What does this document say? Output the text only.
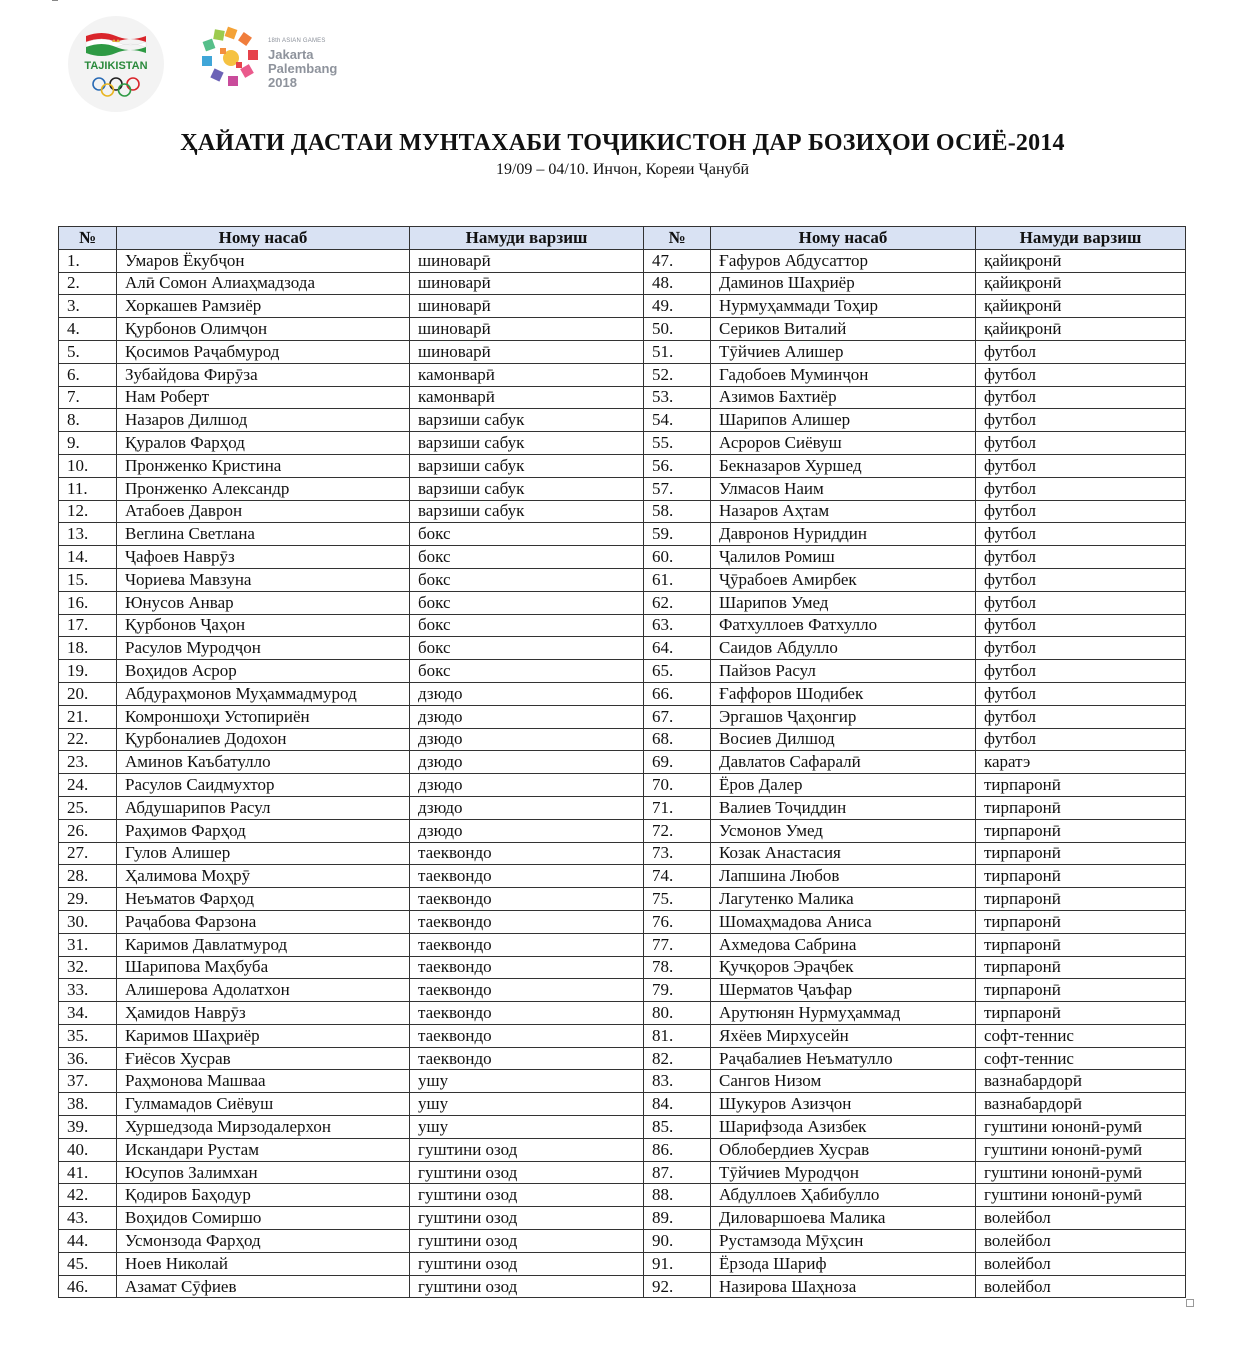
TAJIKISTAN
18th ASIAN GAMES
Jakarta
Palembang
2018
ҲАЙАТИ ДАСТАИ МУНТАХАБИ ТОҶИКИСТОН ДАР БОЗИҲОИ ОСИЁ-2014
19/09 – 04/10. Инчон, Кореяи Ҷанубӣ
№	Ному насаб	Намуди варзиш	№	Ному насаб	Намуди варзиш
1.	Умаров Ёкубҷон	шиноварӣ	47.	Ғафуров Абдусаттор	қайиқронӣ
2.	Алӣ Сомон Алиаҳмадзода	шиноварӣ	48.	Даминов Шаҳриёр	қайиқронӣ
3.	Хоркашев Рамзиёр	шиноварӣ	49.	Нурмуҳаммади Тоҳир	қайиқронӣ
4.	Қурбонов Олимҷон	шиноварӣ	50.	Сериков Виталий	қайиқронӣ
5.	Қосимов Раҷабмурод	шиноварӣ	51.	Тӯйчиев Алишер	футбол
6.	Зубайдова Фирӯза	камонварӣ	52.	Гадобоев Муминҷон	футбол
7.	Нам Роберт	камонварӣ	53.	Азимов Бахтиёр	футбол
8.	Назаров Дилшод	варзиши сабук	54.	Шарипов Алишер	футбол
9.	Қуралов Фарҳод	варзиши сабук	55.	Асроров Сиёвуш	футбол
10.	Пронженко Кристина	варзиши сабук	56.	Бекназаров Хуршед	футбол
11.	Пронженко Александр	варзиши сабук	57.	Улмасов Наим	футбол
12.	Атабоев Даврон	варзиши сабук	58.	Назаров Аҳтам	футбол
13.	Веглина Светлана	бокс	59.	Давронов Нуриддин	футбол
14.	Ҷафоев Наврӯз	бокс	60.	Ҷалилов Ромиш	футбол
15.	Чориева Мавзуна	бокс	61.	Ҷӯрабоев Амирбек	футбол
16.	Юнусов Анвар	бокс	62.	Шарипов Умед	футбол
17.	Қурбонов Ҷаҳон	бокс	63.	Фатхуллоев Фатхулло	футбол
18.	Расулов Муродҷон	бокс	64.	Саидов Абдулло	футбол
19.	Воҳидов Асрор	бокс	65.	Пайзов Расул	футбол
20.	Абдураҳмонов Муҳаммадмурод	дзюдо	66.	Ғаффоров Шодибек	футбол
21.	Комроншоҳи Устопириён	дзюдо	67.	Эргашов Ҷаҳонгир	футбол
22.	Қурбоналиев Додохон	дзюдо	68.	Восиев Дилшод	футбол
23.	Аминов Каъбатулло	дзюдо	69.	Давлатов Сафаралӣ	каратэ
24.	Расулов Саидмухтор	дзюдо	70.	Ёров Далер	тирпаронӣ
25.	Абдушарипов Расул	дзюдо	71.	Валиев Тоҷиддин	тирпаронӣ
26.	Раҳимов Фарҳод	дзюдо	72.	Усмонов Умед	тирпаронӣ
27.	Гулов Алишер	таеквондо	73.	Козак Анастасия	тирпаронӣ
28.	Ҳалимова Моҳрӯ	таеквондо	74.	Лапшина Любов	тирпаронӣ
29.	Неъматов Фарҳод	таеквондо	75.	Лагутенко Малика	тирпаронӣ
30.	Раҷабова Фарзона	таеквондо	76.	Шомаҳмадова Аниса	тирпаронӣ
31.	Каримов Давлатмурод	таеквондо	77.	Ахмедова Сабрина	тирпаронӣ
32.	Шарипова Маҳбуба	таеквондо	78.	Қучқоров Эраҷбек	тирпаронӣ
33.	Алишерова Адолатхон	таеквондо	79.	Шерматов Ҷаъфар	тирпаронӣ
34.	Ҳамидов Наврӯз	таеквондо	80.	Арутюнян Нурмуҳаммад	тирпаронӣ
35.	Каримов Шаҳриёр	таеквондо	81.	Яхёев Мирхусейн	софт-теннис
36.	Ғиёсов Хусрав	таеквондо	82.	Раҷабалиев Неъматулло	софт-теннис
37.	Раҳмонова Машваа	ушу	83.	Сангов Низом	вазнабардорӣ
38.	Гулмамадов Сиёвуш	ушу	84.	Шукуров Азизҷон	вазнабардорӣ
39.	Хуршедзода Мирзодалерхон	ушу	85.	Шарифзода Азизбек	гуштини юнонӣ-румӣ
40.	Искандари Рустам	гуштини озод	86.	Облобердиев Хусрав	гуштини юнонӣ-румӣ
41.	Юсупов Залимхан	гуштини озод	87.	Тӯйчиев Муродҷон	гуштини юнонӣ-румӣ
42.	Қодиров Баҳодур	гуштини озод	88.	Абдуллоев Ҳабибулло	гуштини юнонӣ-румӣ
43.	Воҳидов Сомиршо	гуштини озод	89.	Диловаршоева Малика	волейбол
44.	Усмонзода Фарҳод	гуштини озод	90.	Рустамзода Мӯҳсин	волейбол
45.	Ноев Николай	гуштини озод	91.	Ёрзода Шариф	волейбол
46.	Азамат Сӯфиев	гуштини озод	92.	Назирова Шаҳноза	волейбол
